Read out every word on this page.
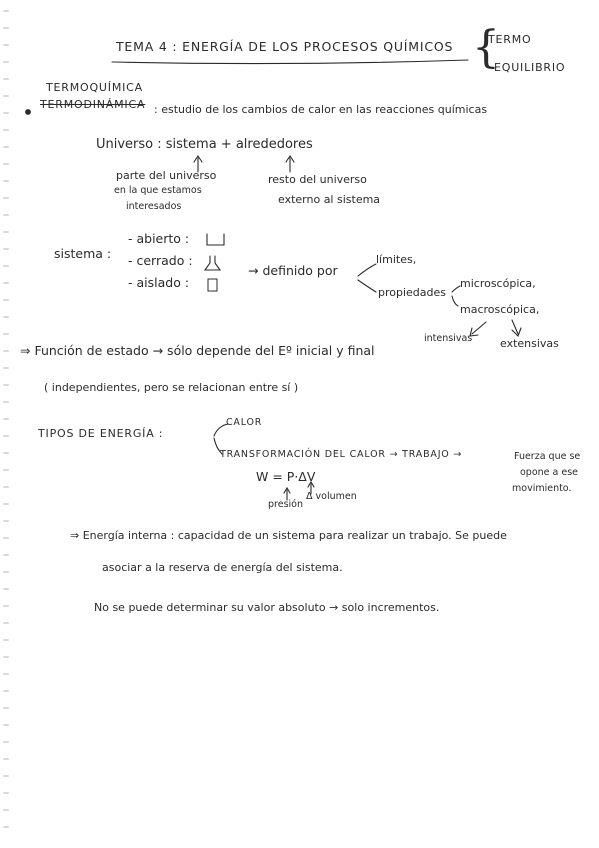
TEMA 4 : ENERGÍA DE LOS PROCESOS QUÍMICOS {
TERMO
EQUILIBRIO
TERMOQUÍMICA
TERMODINÁMICA : estudio de los cambios de calor en las reacciones químicas
Universo : sistema + alrededores
parte del universo
en la que estamos
interesados
resto del universo
externo al sistema
sistema :
- abierto :
- cerrado :
- aislado :
→ definido por
límites,
propiedades
microscópica,
macroscópica,
intensivas	extensivas
⇒ Función de estado → sólo depende del Eº inicial y final
( independientes, pero se relacionan entre sí )
TIPOS DE ENERGÍA :
CALOR
TRANSFORMACIÓN DEL CALOR → TRABAJO →	Fuerza que se
opone a ese
movimiento.
W = P·ΔV
presión
Δ volumen
⇒ Energía interna : capacidad de un sistema para realizar un trabajo. Se puede
asociar a la reserva de energía del sistema.
No se puede determinar su valor absoluto → solo incrementos.
